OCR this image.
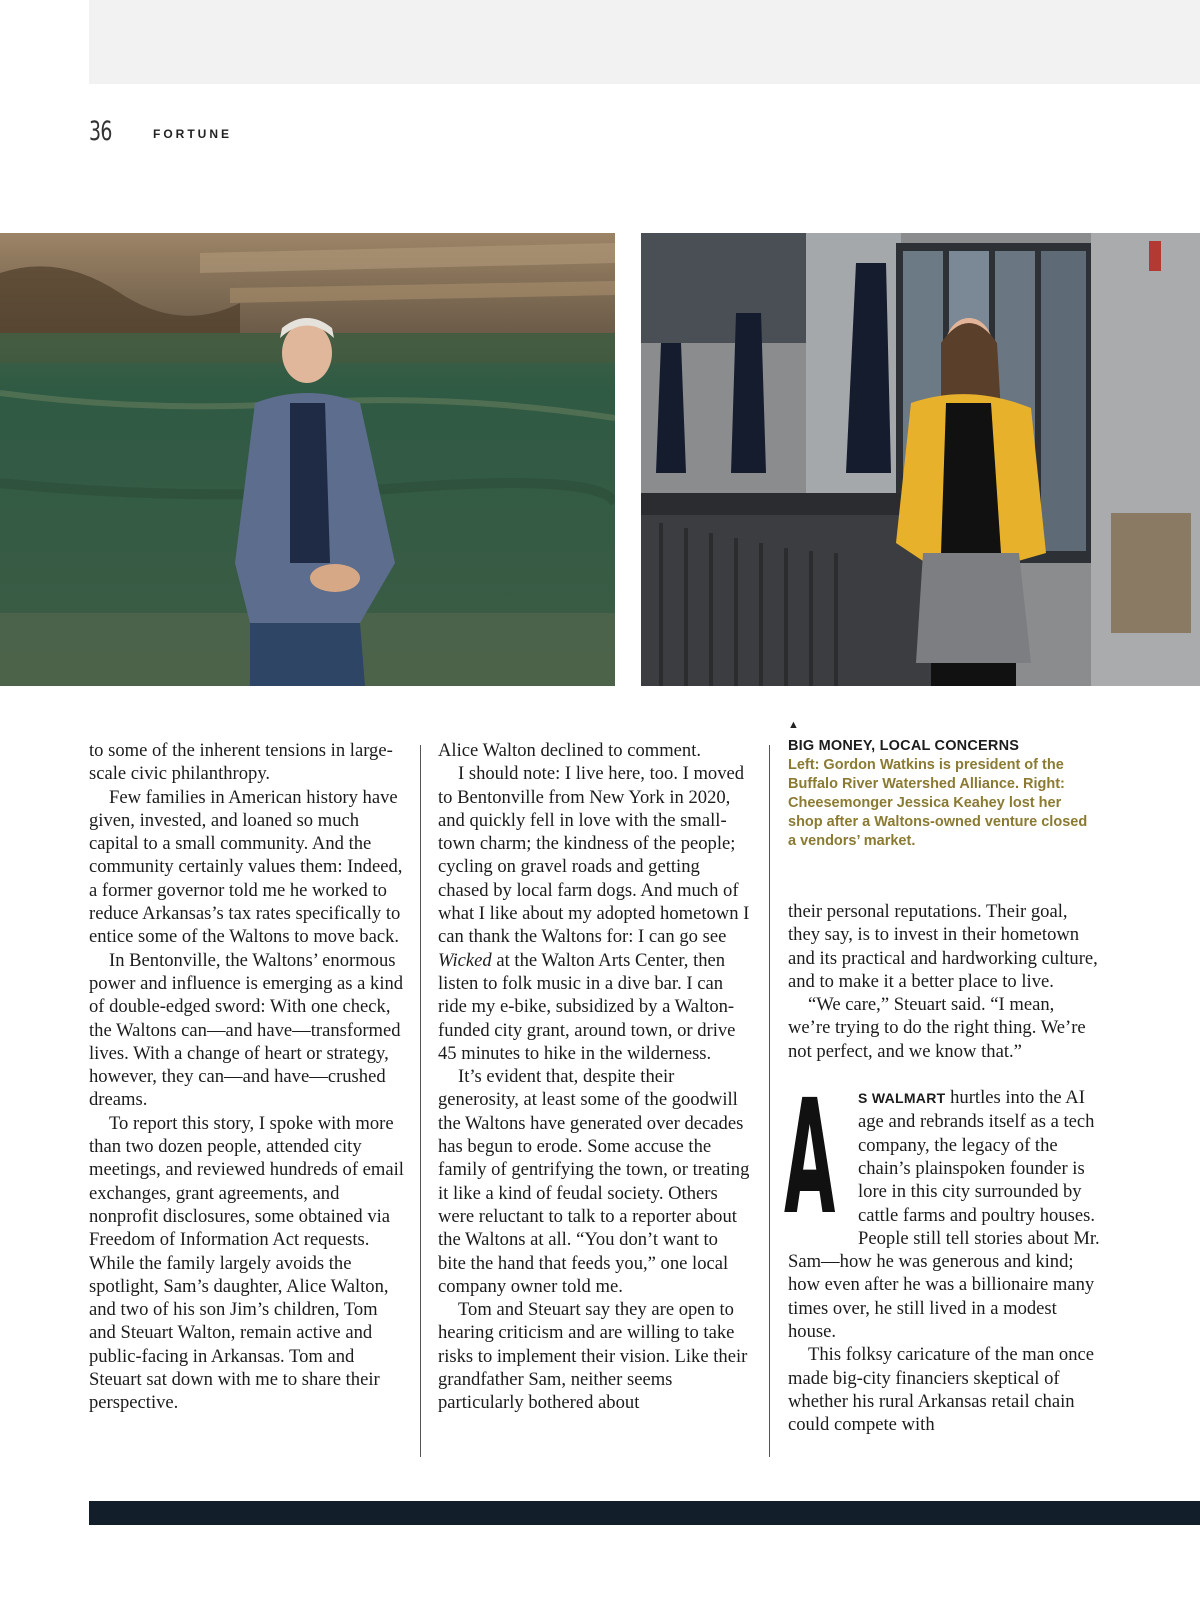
36	FORTUNE

to some of the inherent tensions in large-scale civic philanthropy.

Few families in American history have given, invested, and loaned so much capital to a small community. And the community certainly values them: Indeed, a former governor told me he worked to reduce Arkansas’s tax rates specifically to entice some of the Waltons to move back.

In Bentonville, the Waltons’ enormous power and influence is emerging as a kind of double-edged sword: With one check, the Waltons can—and have—transformed lives. With a change of heart or strategy, however, they can—and have—crushed dreams.

To report this story, I spoke with more than two dozen people, attended city meetings, and reviewed hundreds of email exchanges, grant agreements, and nonprofit disclosures, some obtained via Freedom of Information Act requests. While the family largely avoids the spotlight, Sam’s daughter, Alice Walton, and two of his son Jim’s children, Tom and Steuart Walton, remain active and public-facing in Arkansas. Tom and Steuart sat down with me to share their perspective.

Alice Walton declined to comment.

I should note: I live here, too. I moved to Bentonville from New York in 2020, and quickly fell in love with the small-town charm; the kindness of the people; cycling on gravel roads and getting chased by local farm dogs. And much of what I like about my adopted hometown I can thank the Waltons for: I can go see Wicked at the Walton Arts Center, then listen to folk music in a dive bar. I can ride my e-bike, subsidized by a Walton-funded city grant, around town, or drive 45 minutes to hike in the wilderness.

It’s evident that, despite their generosity, at least some of the goodwill the Waltons have generated over decades has begun to erode. Some accuse the family of gentrifying the town, or treating it like a kind of feudal society. Others were reluctant to talk to a reporter about the Waltons at all. “You don’t want to bite the hand that feeds you,” one local company owner told me.

Tom and Steuart say they are open to hearing criticism and are willing to take risks to implement their vision. Like their grandfather Sam, neither seems particularly bothered about

▲
BIG MONEY, LOCAL CONCERNS
Left: Gordon Watkins is president of the Buffalo River Watershed Alliance. Right: Cheesemonger Jessica Keahey lost her shop after a Waltons-owned venture closed a vendors’ market.

their personal reputations. Their goal, they say, is to invest in their hometown and its practical and hardworking culture, and to make it a better place to live.

“We care,” Steuart said. “I mean, we’re trying to do the right thing. We’re not perfect, and we know that.”

A	S WALMART hurtles into the AI age and rebrands itself as a tech company, the legacy of the chain’s plainspoken founder is lore in this city surrounded by cattle farms and poultry houses. People still tell stories about Mr. Sam—how he was generous and kind; how even after he was a billionaire many times over, he still lived in a modest house.

This folksy caricature of the man once made big-city financiers skeptical of whether his rural Arkansas retail chain could compete with
